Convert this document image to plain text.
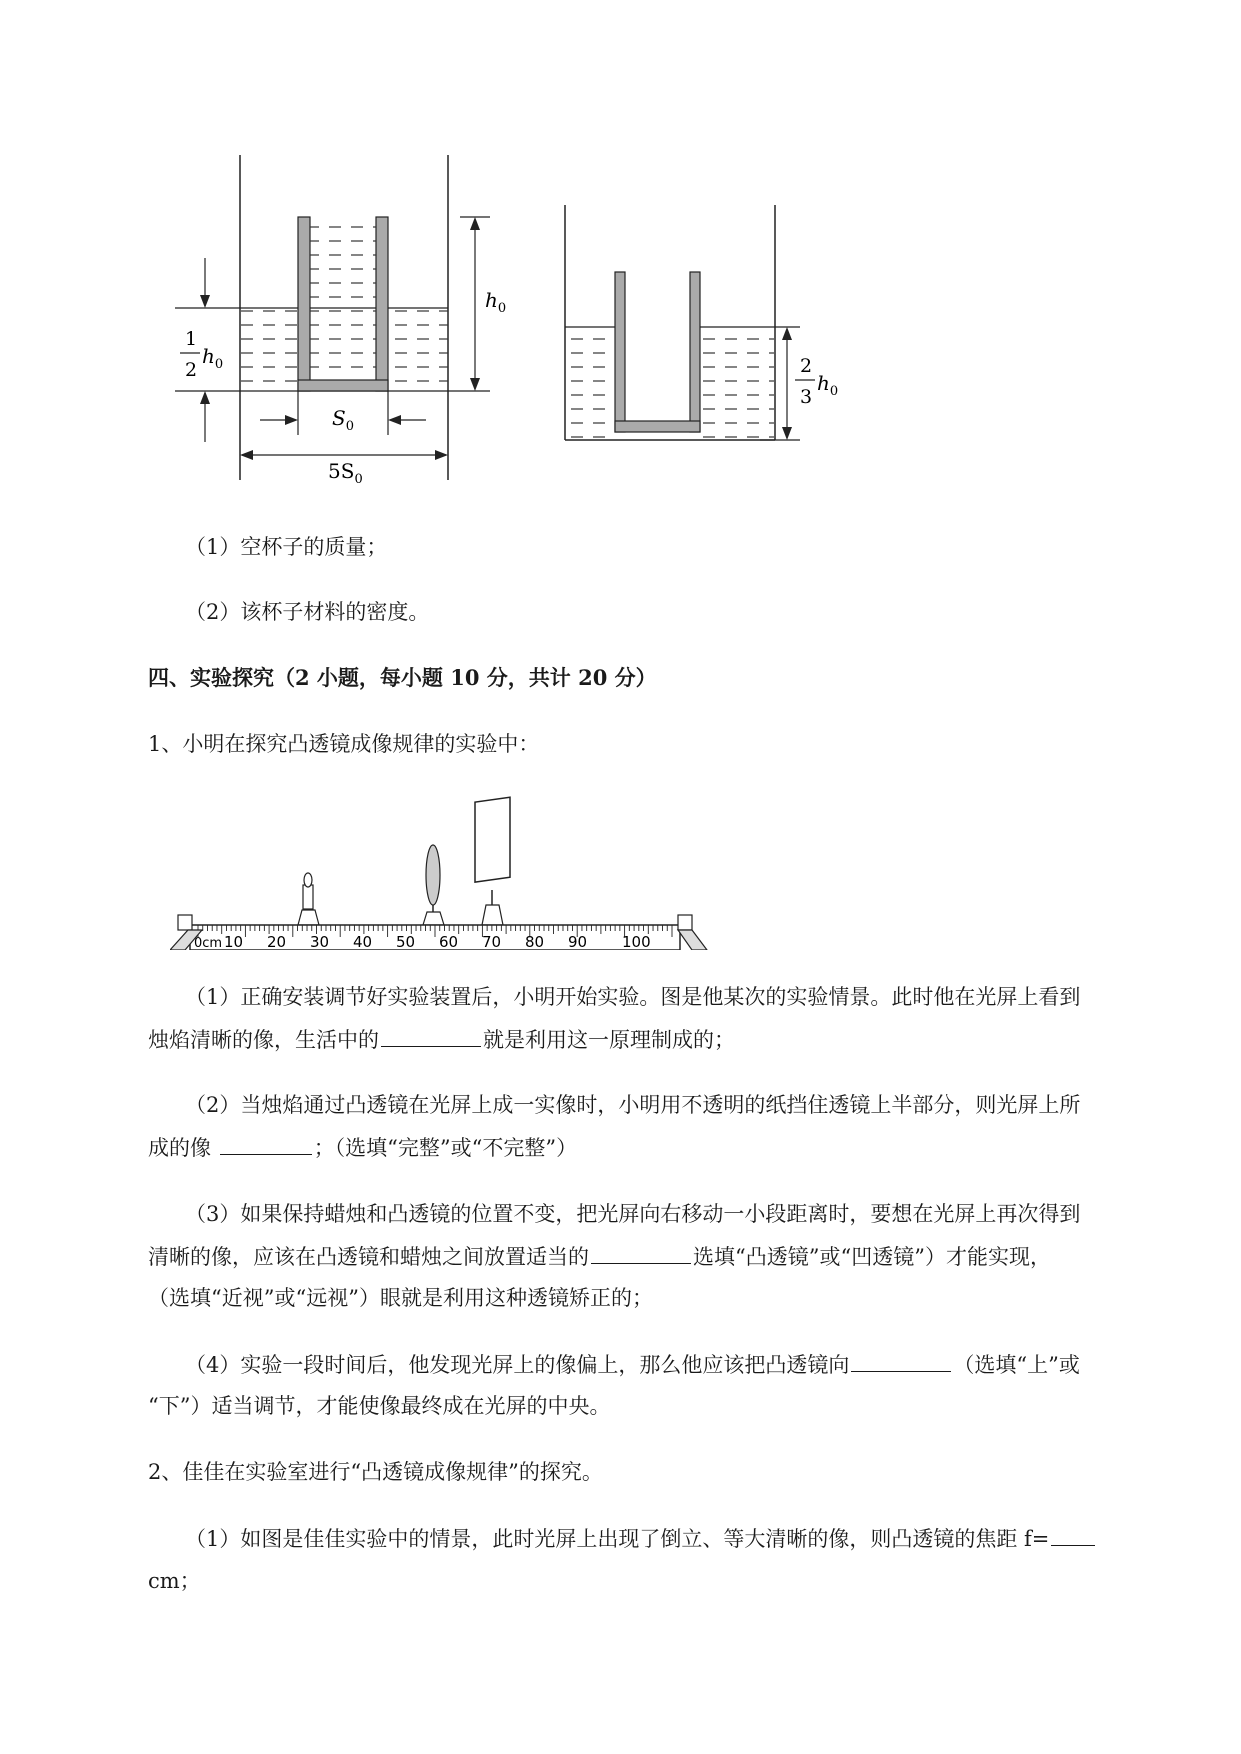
$h_0$
1
2
$h_0$
$S_0$
$5S_0$
2
3
$h_0$
（1）空杯子的质量；
（2）该杯子材料的密度。
四、实验探究（2 小题，每小题 10 分，共计 20 分）
1、小明在探究凸透镜成像规律的实验中：
0cm 10 20 30 40 50 60 70 80 90 100
（1）正确安装调节好实验装置后，小明开始实验。图是他某次的实验情景。此时他在光屏上看到
烛焰清晰的像，生活中的	就是利用这一原理制成的；
（2）当烛焰通过凸透镜在光屏上成一实像时，小明用不透明的纸挡住透镜上半部分，则光屏上所
成的像	；（选填“完整”或“不完整”）
（3）如果保持蜡烛和凸透镜的位置不变，把光屏向右移动一小段距离时，要想在光屏上再次得到
清晰的像，应该在凸透镜和蜡烛之间放置适当的	选填“凸透镜”或“凹透镜”）才能实现，
（选填“近视”或“远视”）眼就是利用这种透镜矫正的；
（4）实验一段时间后，他发现光屏上的像偏上，那么他应该把凸透镜向	（选填“上”或
“下”）适当调节，才能使像最终成在光屏的中央。
2、佳佳在实验室进行“凸透镜成像规律”的探究。
（1）如图是佳佳实验中的情景，此时光屏上出现了倒立、等大清晰的像，则凸透镜的焦距 f=
cm；
